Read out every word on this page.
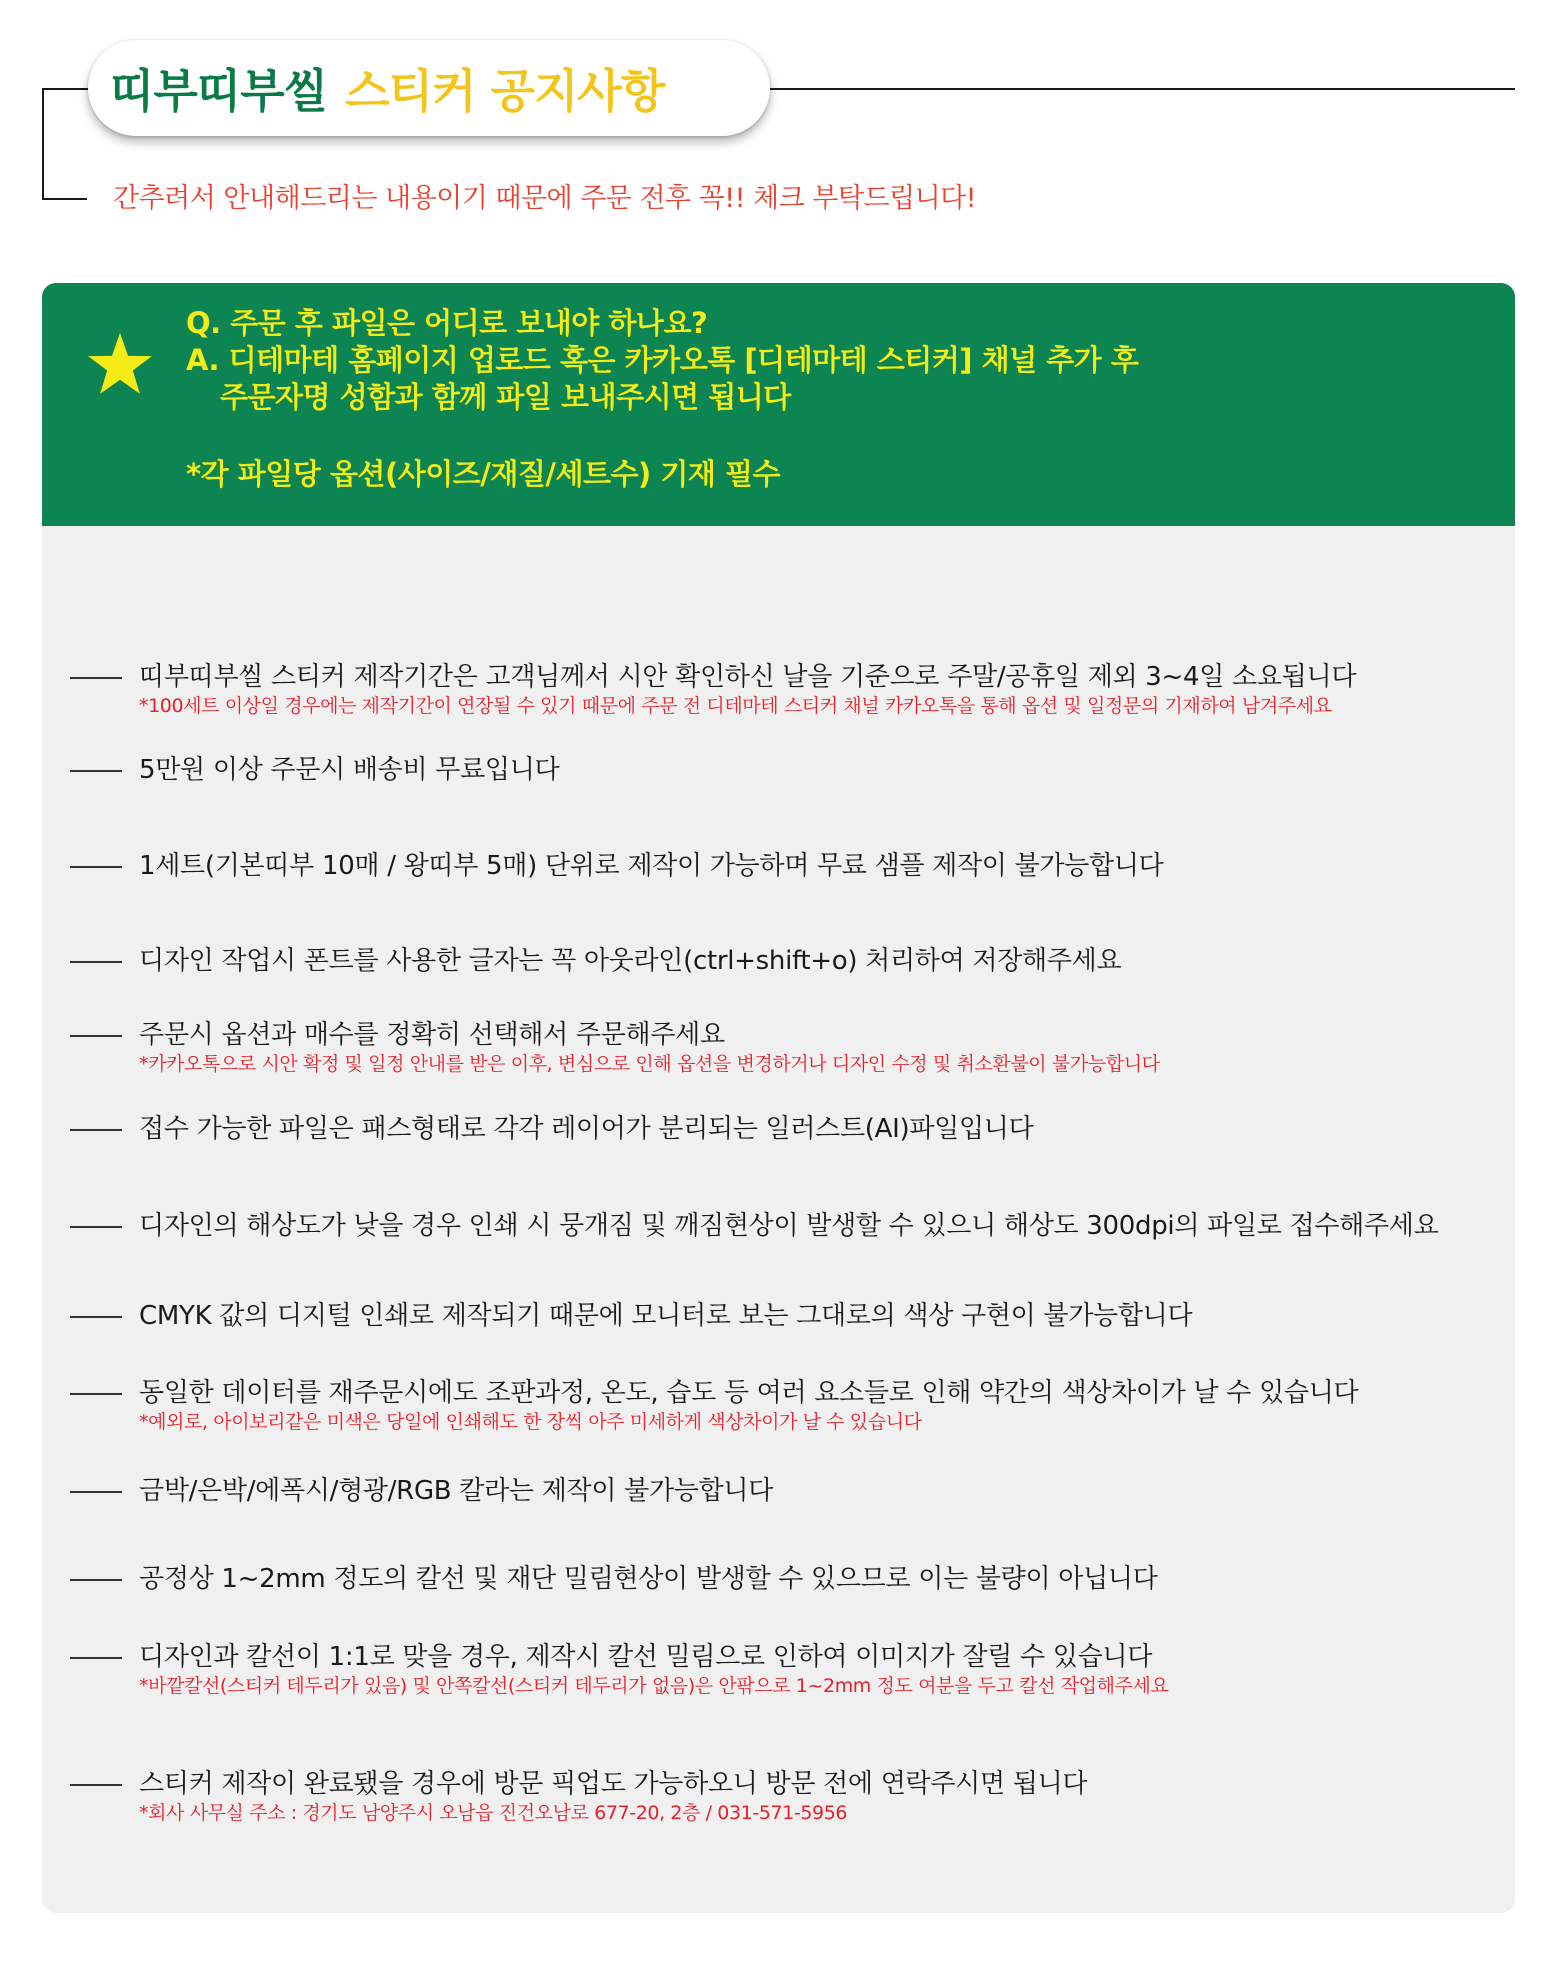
띠부띠부씰 스티커 공지사항
간추려서 안내해드리는 내용이기 때문에 주문 전후 꼭!! 체크 부탁드립니다!
Q. 주문 후 파일은 어디로 보내야 하나요?
A. 디테마테 홈페이지 업로드 혹은 카카오톡 [디테마테 스티커] 채널 추가 후
주문자명 성함과 함께 파일 보내주시면 됩니다
*각 파일당 옵션(사이즈/재질/세트수) 기재 필수
띠부띠부씰 스티커 제작기간은 고객님께서 시안 확인하신 날을 기준으로 주말/공휴일 제외 3~4일 소요됩니다
*100세트 이상일 경우에는 제작기간이 연장될 수 있기 때문에 주문 전 디테마테 스티커 채널 카카오톡을 통해 옵션 및 일정문의 기재하여 남겨주세요
5만원 이상 주문시 배송비 무료입니다
1세트(기본띠부 10매 / 왕띠부 5매) 단위로 제작이 가능하며 무료 샘플 제작이 불가능합니다
디자인 작업시 폰트를 사용한 글자는 꼭 아웃라인(ctrl+shift+o) 처리하여 저장해주세요
주문시 옵션과 매수를 정확히 선택해서 주문해주세요
*카카오톡으로 시안 확정 및 일정 안내를 받은 이후, 변심으로 인해 옵션을 변경하거나 디자인 수정 및 취소환불이 불가능합니다
접수 가능한 파일은 패스형태로 각각 레이어가 분리되는 일러스트(AI)파일입니다
디자인의 해상도가 낮을 경우 인쇄 시 뭉개짐 및 깨짐현상이 발생할 수 있으니 해상도 300dpi의 파일로 접수해주세요
CMYK 값의 디지털 인쇄로 제작되기 때문에 모니터로 보는 그대로의 색상 구현이 불가능합니다
동일한 데이터를 재주문시에도 조판과정, 온도, 습도 등 여러 요소들로 인해 약간의 색상차이가 날 수 있습니다
*예외로, 아이보리같은 미색은 당일에 인쇄해도 한 장씩 아주 미세하게 색상차이가 날 수 있습니다
금박/은박/에폭시/형광/RGB 칼라는 제작이 불가능합니다
공정상 1~2mm 정도의 칼선 및 재단 밀림현상이 발생할 수 있으므로 이는 불량이 아닙니다
디자인과 칼선이 1:1로 맞을 경우, 제작시 칼선 밀림으로 인하여 이미지가 잘릴 수 있습니다
*바깥칼선(스티커 테두리가 있음) 및 안쪽칼선(스티커 테두리가 없음)은 안팎으로 1~2mm 정도 여분을 두고 칼선 작업해주세요
스티커 제작이 완료됐을 경우에 방문 픽업도 가능하오니 방문 전에 연락주시면 됩니다
*회사 사무실 주소 : 경기도 남양주시 오남읍 진건오남로 677-20, 2층 / 031-571-5956
